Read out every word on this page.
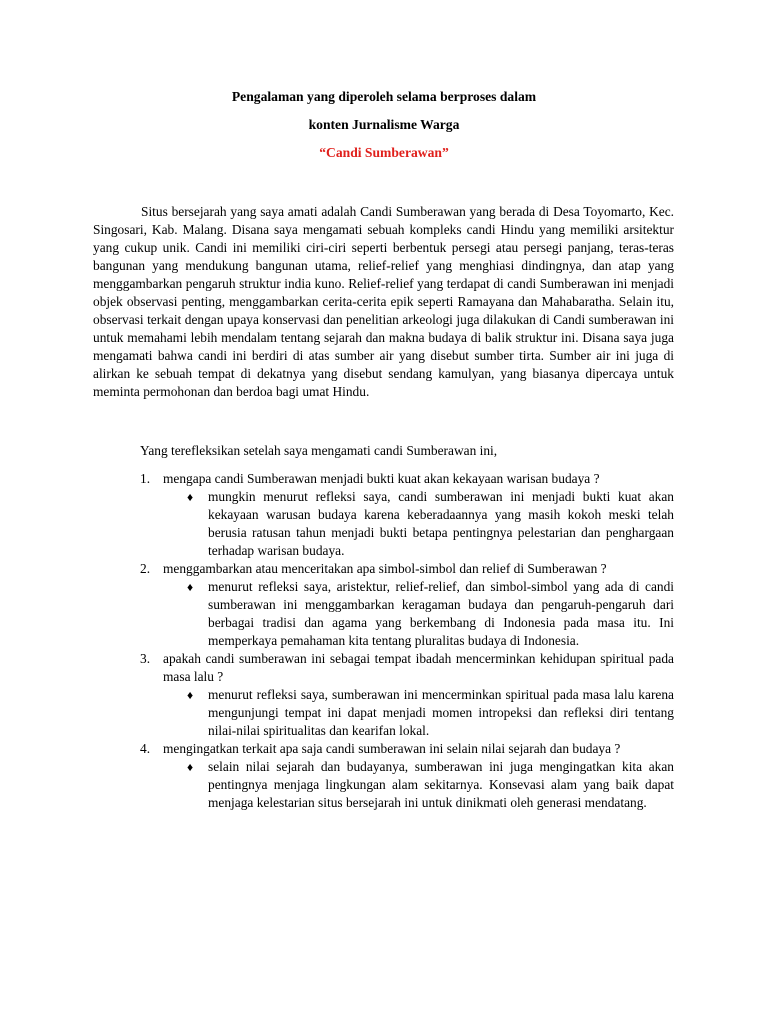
Pengalaman yang diperoleh selama berproses dalam
konten Jurnalisme Warga
“Candi Sumberawan”
Situs bersejarah yang saya amati adalah Candi Sumberawan yang berada di Desa Toyomarto, Kec. Singosari, Kab. Malang. Disana saya mengamati sebuah kompleks candi Hindu yang memiliki arsitektur yang cukup unik. Candi ini memiliki ciri-ciri seperti berbentuk persegi atau persegi panjang, teras-teras bangunan yang mendukung bangunan utama, relief-relief yang menghiasi dindingnya, dan atap yang menggambarkan pengaruh struktur india kuno. Relief-relief yang terdapat di candi Sumberawan ini menjadi objek observasi penting, menggambarkan cerita-cerita epik seperti Ramayana dan Mahabaratha. Selain itu, observasi terkait dengan upaya konservasi dan penelitian arkeologi juga dilakukan di Candi sumberawan ini untuk memahami lebih mendalam tentang sejarah dan makna budaya di balik struktur ini. Disana saya juga mengamati bahwa candi ini berdiri di atas sumber air yang disebut sumber tirta. Sumber air ini juga di alirkan ke sebuah tempat di dekatnya yang disebut sendang kamulyan, yang biasanya dipercaya untuk meminta permohonan dan berdoa bagi umat Hindu.
Yang terefleksikan setelah saya mengamati candi Sumberawan ini,
1. mengapa candi Sumberawan menjadi bukti kuat akan kekayaan warisan budaya ?
♦ mungkin menurut refleksi saya, candi sumberawan ini menjadi bukti kuat akan kekayaan warusan budaya karena keberadaannya yang masih kokoh meski telah berusia ratusan tahun menjadi bukti betapa pentingnya pelestarian dan penghargaan terhadap warisan budaya.
2. menggambarkan atau menceritakan apa simbol-simbol dan relief di Sumberawan ?
♦ menurut refleksi saya, aristektur, relief-relief, dan simbol-simbol yang ada di candi sumberawan ini menggambarkan keragaman budaya dan pengaruh-pengaruh dari berbagai tradisi dan agama yang berkembang di Indonesia pada masa itu. Ini memperkaya pemahaman kita tentang pluralitas budaya di Indonesia.
3. apakah candi sumberawan ini sebagai tempat ibadah mencerminkan kehidupan spiritual pada masa lalu ?
♦ menurut refleksi saya, sumberawan ini mencerminkan spiritual pada masa lalu karena mengunjungi tempat ini dapat menjadi momen intropeksi dan refleksi diri tentang nilai-nilai spiritualitas dan kearifan lokal.
4. mengingatkan terkait apa saja candi sumberawan ini selain nilai sejarah dan budaya ?
♦ selain nilai sejarah dan budayanya, sumberawan ini juga mengingatkan kita akan pentingnya menjaga lingkungan alam sekitarnya. Konsevasi alam yang baik dapat menjaga kelestarian situs bersejarah ini untuk dinikmati oleh generasi mendatang.
